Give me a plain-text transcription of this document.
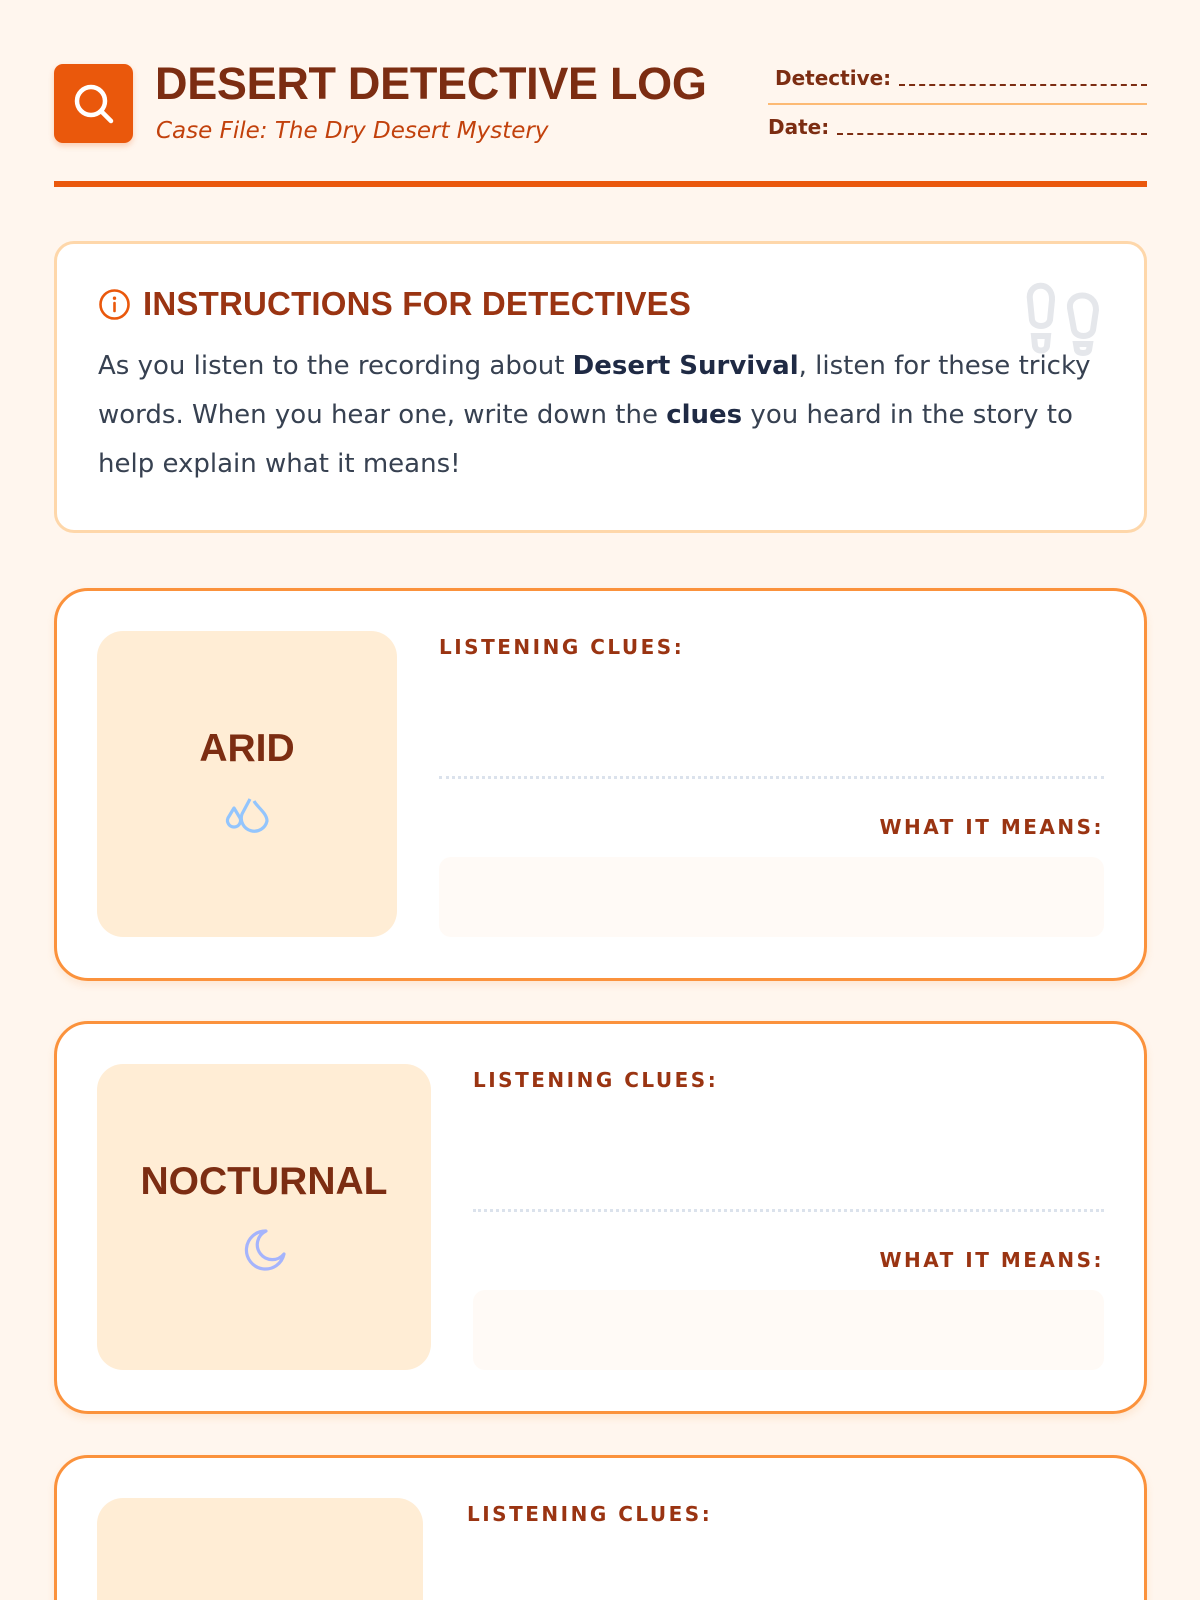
DESERT DETECTIVE LOG
Case File: The Dry Desert Mystery
Detective:
Date:
INSTRUCTIONS FOR DETECTIVES

As you listen to the recording about Desert Survival, listen for these tricky words. When you hear one, write down the clues you heard in the story to help explain what it means!

ARID
LISTENING CLUES:
WHAT IT MEANS:
NOCTURNAL
LISTENING CLUES:
WHAT IT MEANS:
LISTENING CLUES:
